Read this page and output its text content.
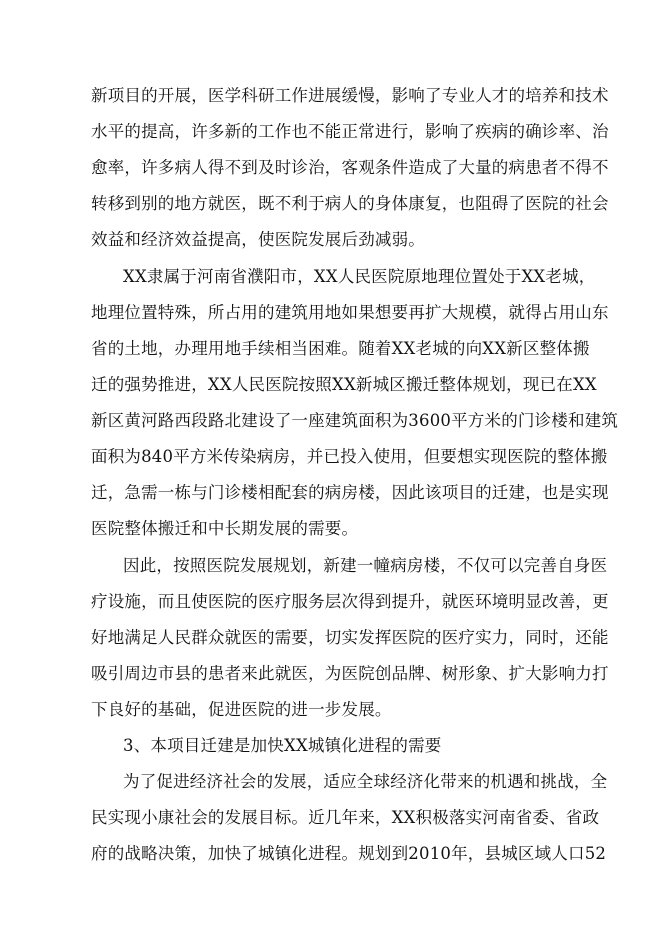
新项目的开展，医学科研工作进展缓慢，影响了专业人才的培养和技术
水平的提高，许多新的工作也不能正常进行，影响了疾病的确诊率、治
愈率，许多病人得不到及时诊治，客观条件造成了大量的病患者不得不
转移到别的地方就医，既不利于病人的身体康复，也阻碍了医院的社会
效益和经济效益提高，使医院发展后劲减弱。
XX隶属于河南省濮阳市，XX人民医院原地理位置处于XX老城，
地理位置特殊，所占用的建筑用地如果想要再扩大规模，就得占用山东
省的土地，办理用地手续相当困难。随着XX老城的向XX新区整体搬
迁的强势推进，XX人民医院按照XX新城区搬迁整体规划，现已在XX
新区黄河路西段路北建设了一座建筑面积为3600平方米的门诊楼和建筑
面积为840平方米传染病房，并已投入使用，但要想实现医院的整体搬
迁，急需一栋与门诊楼相配套的病房楼，因此该项目的迁建，也是实现
医院整体搬迁和中长期发展的需要。
因此，按照医院发展规划，新建一幢病房楼，不仅可以完善自身医
疗设施，而且使医院的医疗服务层次得到提升，就医环境明显改善，更
好地满足人民群众就医的需要，切实发挥医院的医疗实力，同时，还能
吸引周边市县的患者来此就医，为医院创品牌、树形象、扩大影响力打
下良好的基础，促进医院的进一步发展。
3、本项目迁建是加快XX城镇化进程的需要
为了促进经济社会的发展，适应全球经济化带来的机遇和挑战，全
民实现小康社会的发展目标。近几年来，XX积极落实河南省委、省政
府的战略决策，加快了城镇化进程。规划到2010年，县城区域人口52
